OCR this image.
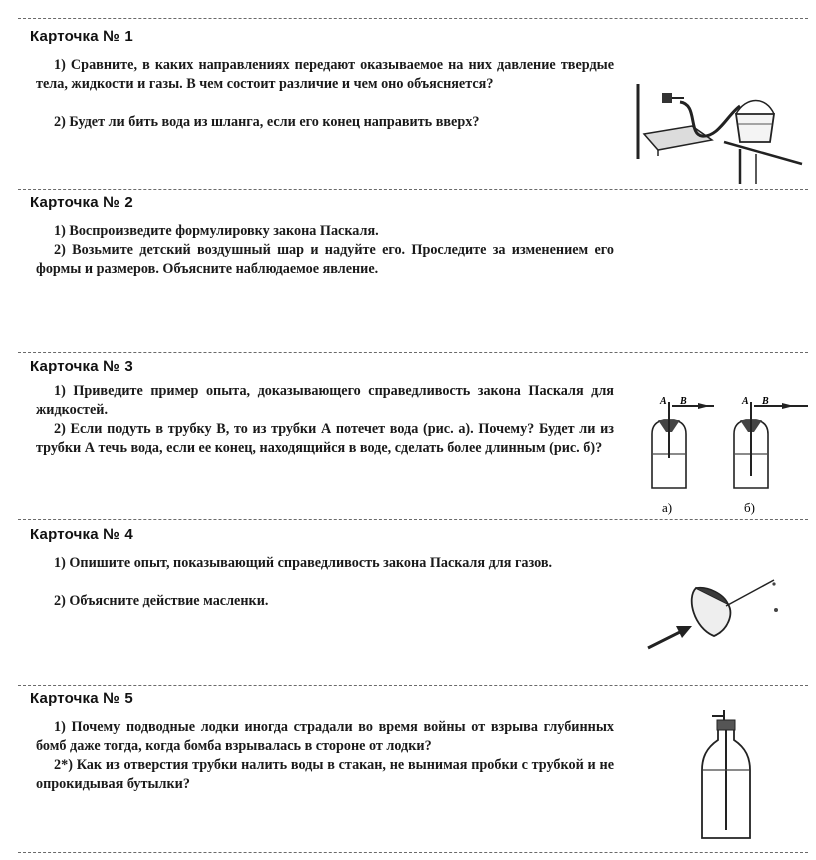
Карточка № 1
1) Сравните, в каких направлениях передают оказываемое на них давление твердые тела, жидкости и газы. В чем состоит различие и чем оно объясняется?
2) Будет ли бить вода из шланга, если его конец направить вверх?
Карточка № 2
1) Воспроизведите формулировку закона Паскаля.
2) Возьмите детский воздушный шар и надуйте его. Проследите за изменением его формы и размеров. Объясните наблюдаемое явление.
Карточка № 3
1) Приведите пример опыта, доказывающего справедливость закона Паскаля для жидкостей.
2) Если подуть в трубку В, то из трубки А потечет вода (рис. а). Почему? Будет ли из трубки А течь вода, если ее конец, находящийся в воде, сделать более длинным (рис. б)?
А В
а)
А В
б)
Карточка № 4
1) Опишите опыт, показывающий справедливость закона Паскаля для газов.
2) Объясните действие масленки.
Карточка № 5
1) Почему подводные лодки иногда страдали во время войны от взрыва глубинных бомб даже тогда, когда бомба взрывалась в стороне от лодки?
2*) Как из отверстия трубки налить воды в стакан, не вынимая пробки с трубкой и не опрокидывая бутылки?
